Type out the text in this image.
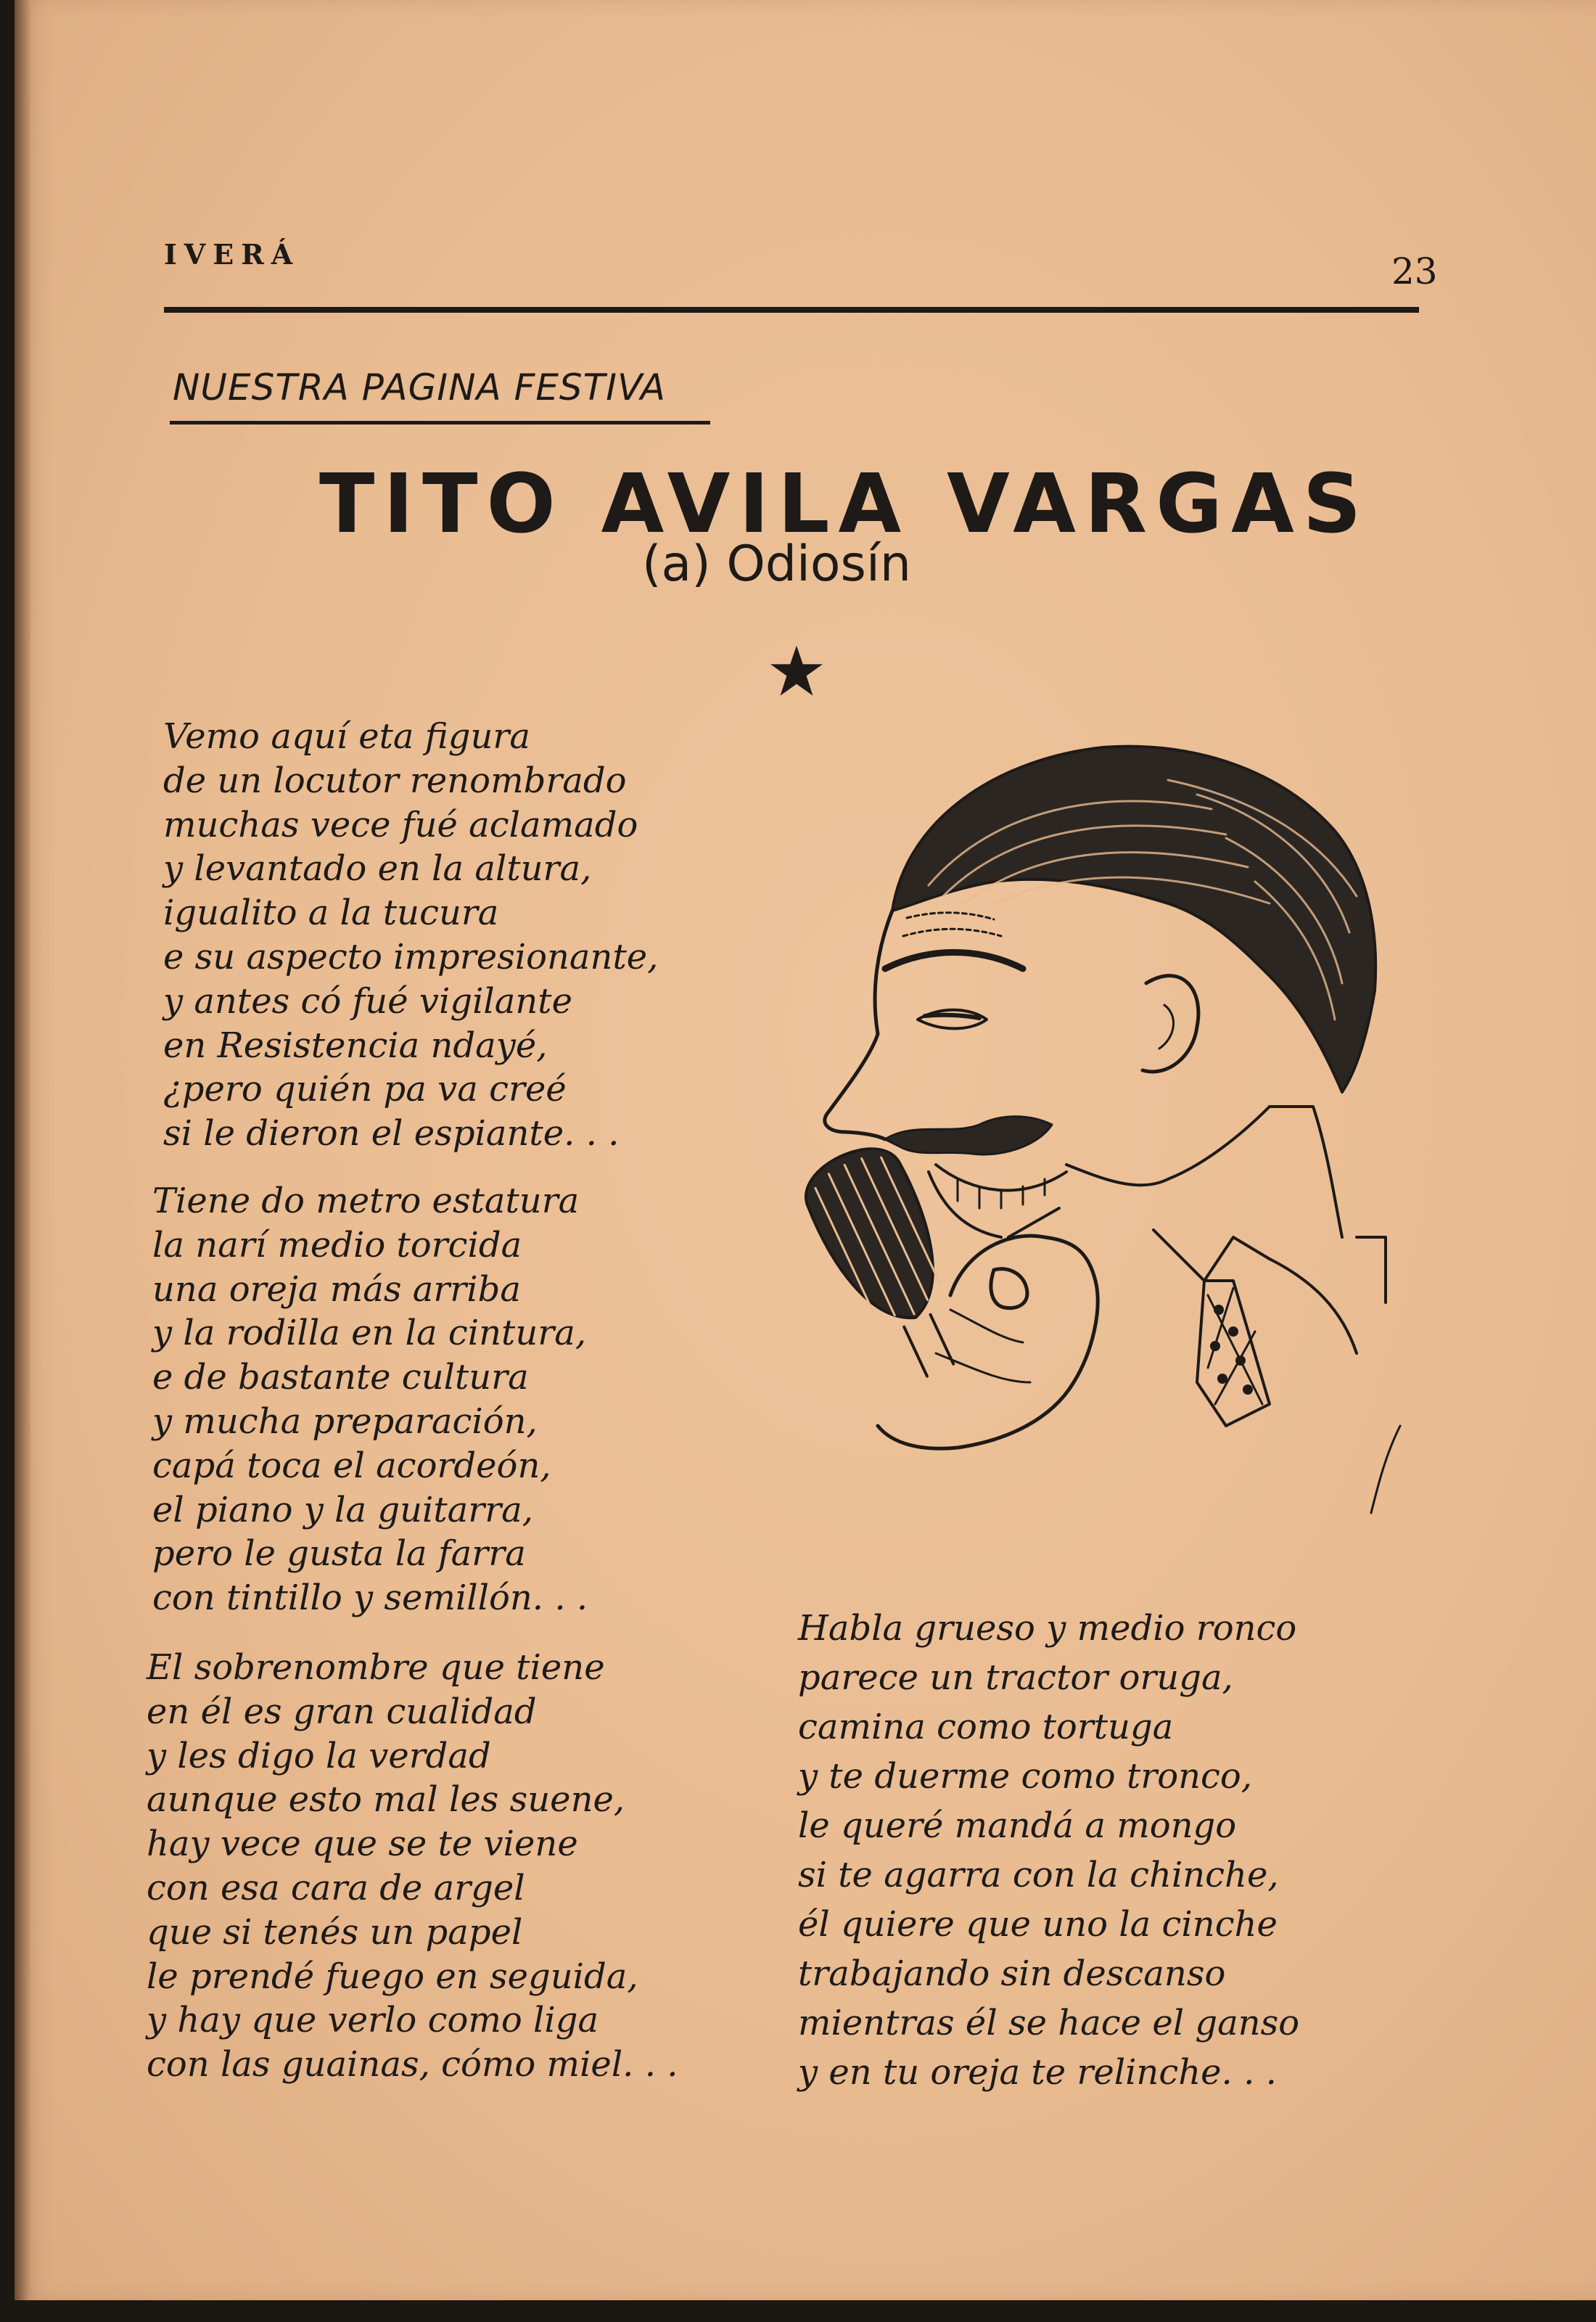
IVERÁ	23
NUESTRA PAGINA FESTIVA
TITO AVILA VARGAS
(a) Odiosín
Vemo aquí eta figura
de un locutor renombrado
muchas vece fué aclamado
y levantado en la altura,
igualito a la tucura
e su aspecto impresionante,
y antes có fué vigilante
en Resistencia ndayé,
¿pero quién pa va creé
si le dieron el espiante. . .
Tiene do metro estatura
la narí medio torcida
una oreja más arriba
y la rodilla en la cintura,
e de bastante cultura
y mucha preparación,
capá toca el acordeón,
el piano y la guitarra,
pero le gusta la farra
con tintillo y semillón. . .
El sobrenombre que tiene
en él es gran cualidad
y les digo la verdad
aunque esto mal les suene,
hay vece que se te viene
con esa cara de argel
que si tenés un papel
le prendé fuego en seguida,
y hay que verlo como liga
con las guainas, cómo miel. . .
Habla grueso y medio ronco
parece un tractor oruga,
camina como tortuga
y te duerme como tronco,
le queré mandá a mongo
si te agarra con la chinche,
él quiere que uno la cinche
trabajando sin descanso
mientras él se hace el ganso
y en tu oreja te relinche. . .
